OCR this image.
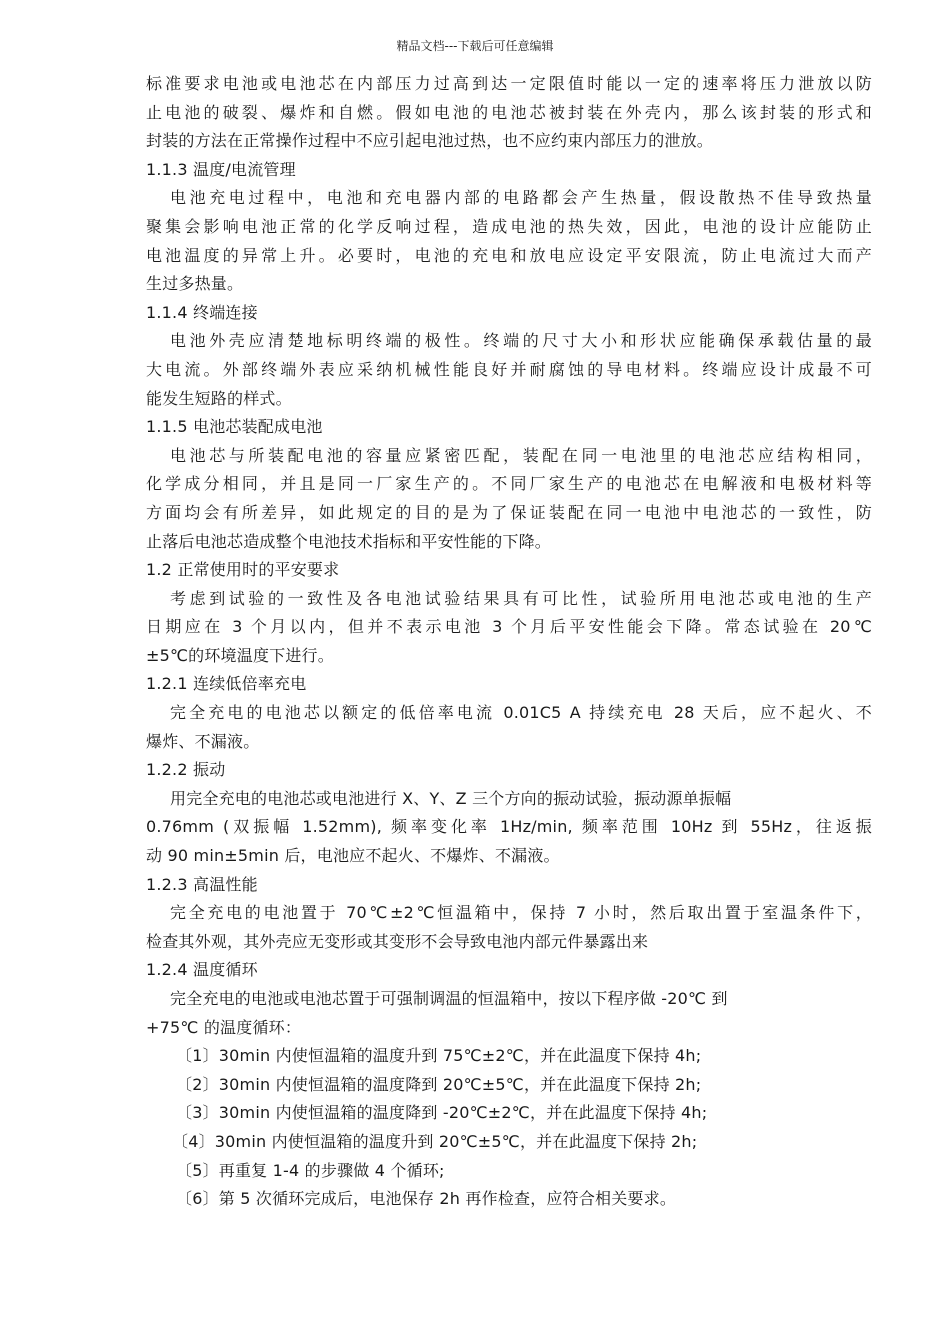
精品文档---下载后可任意编辑
标准要求电池或电池芯在内部压力过高到达一定限值时能以一定的速率将压力泄放以防
止电池的破裂、爆炸和自燃。假如电池的电池芯被封装在外壳内，那么该封装的形式和
封装的方法在正常操作过程中不应引起电池过热，也不应约束内部压力的泄放。
1.1.3 温度/电流管理
电池充电过程中，电池和充电器内部的电路都会产生热量，假设散热不佳导致热量
聚集会影响电池正常的化学反响过程，造成电池的热失效，因此，电池的设计应能防止
电池温度的异常上升。必要时，电池的充电和放电应设定平安限流，防止电流过大而产
生过多热量。
1.1.4 终端连接
电池外壳应清楚地标明终端的极性。终端的尺寸大小和形状应能确保承载估量的最
大电流。外部终端外表应采纳机械性能良好并耐腐蚀的导电材料。终端应设计成最不可
能发生短路的样式。
1.1.5 电池芯装配成电池
电池芯与所装配电池的容量应紧密匹配，装配在同一电池里的电池芯应结构相同，
化学成分相同，并且是同一厂家生产的。不同厂家生产的电池芯在电解液和电极材料等
方面均会有所差异，如此规定的目的是为了保证装配在同一电池中电池芯的一致性，防
止落后电池芯造成整个电池技术指标和平安性能的下降。
1.2 正常使用时的平安要求
考虑到试验的一致性及各电池试验结果具有可比性，试验所用电池芯或电池的生产
日期应在 3 个月以内，但并不表示电池 3 个月后平安性能会下降。常态试验在 20℃
±5℃的环境温度下进行。
1.2.1 连续低倍率充电
完全充电的电池芯以额定的低倍率电流 0.01C5 A 持续充电 28 天后，应不起火、不
爆炸、不漏液。
1.2.2 振动
用完全充电的电池芯或电池进行 X、Y、Z 三个方向的振动试验，振动源单振幅
0.76mm (双振幅 1.52mm), 频率变化率 1Hz/min, 频率范围 10Hz 到 55Hz，往返振
动 90 min±5min 后，电池应不起火、不爆炸、不漏液。
1.2.3 高温性能
完全充电的电池置于 70℃±2℃恒温箱中，保持 7 小时，然后取出置于室温条件下，
检查其外观，其外壳应无变形或其变形不会导致电池内部元件暴露出来
1.2.4 温度循环
完全充电的电池或电池芯置于可强制调温的恒温箱中，按以下程序做 -20℃ 到
+75℃ 的温度循环：
〔1〕30min 内使恒温箱的温度升到 75℃±2℃，并在此温度下保持 4h;
〔2〕30min 内使恒温箱的温度降到 20℃±5℃，并在此温度下保持 2h;
〔3〕30min 内使恒温箱的温度降到 -20℃±2℃，并在此温度下保持 4h;
〔4〕30min 内使恒温箱的温度升到 20℃±5℃，并在此温度下保持 2h;
〔5〕再重复 1-4 的步骤做 4 个循环;
〔6〕第 5 次循环完成后，电池保存 2h 再作检查，应符合相关要求。
